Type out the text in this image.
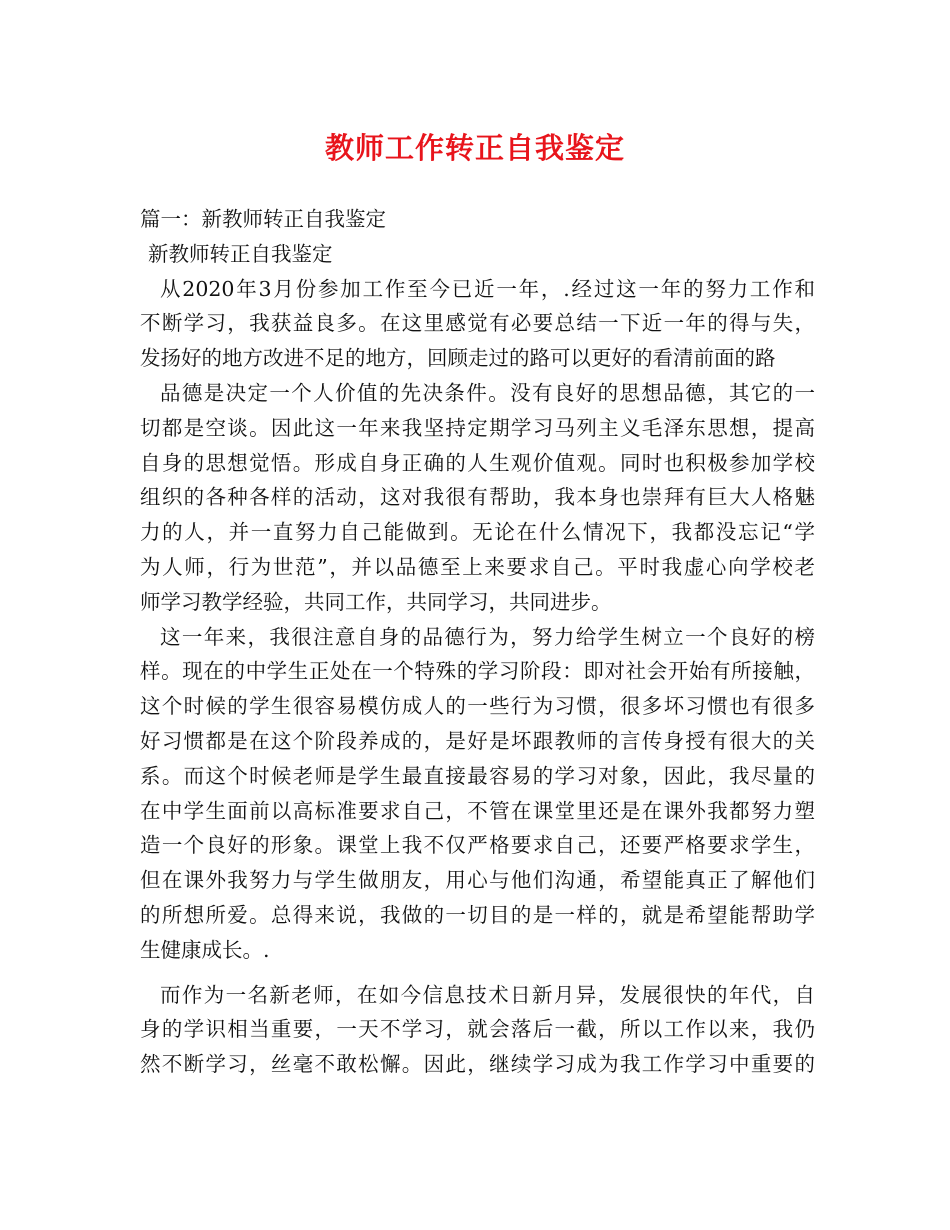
教师工作转正自我鉴定
篇一：新教师转正自我鉴定
新教师转正自我鉴定
从2020年3月份参加工作至今已近一年，.经过这一年的努力工作和
不断学习，我获益良多。在这里感觉有必要总结一下近一年的得与失，
发扬好的地方改进不足的地方，回顾走过的路可以更好的看清前面的路
品德是决定一个人价值的先决条件。没有良好的思想品德，其它的一
切都是空谈。因此这一年来我坚持定期学习马列主义毛泽东思想，提高
自身的思想觉悟。形成自身正确的人生观价值观。同时也积极参加学校
组织的各种各样的活动，这对我很有帮助，我本身也崇拜有巨大人格魅
力的人，并一直努力自己能做到。无论在什么情况下，我都没忘记“学
为人师，行为世范”，并以品德至上来要求自己。平时我虚心向学校老
师学习教学经验，共同工作，共同学习，共同进步。
这一年来，我很注意自身的品德行为，努力给学生树立一个良好的榜
样。现在的中学生正处在一个特殊的学习阶段：即对社会开始有所接触，
这个时候的学生很容易模仿成人的一些行为习惯，很多坏习惯也有很多
好习惯都是在这个阶段养成的，是好是坏跟教师的言传身授有很大的关
系。而这个时候老师是学生最直接最容易的学习对象，因此，我尽量的
在中学生面前以高标准要求自己，不管在课堂里还是在课外我都努力塑
造一个良好的形象。课堂上我不仅严格要求自己，还要严格要求学生，
但在课外我努力与学生做朋友，用心与他们沟通，希望能真正了解他们
的所想所爱。总得来说，我做的一切目的是一样的，就是希望能帮助学
生健康成长。.
而作为一名新老师，在如今信息技术日新月异，发展很快的年代，自
身的学识相当重要，一天不学习，就会落后一截，所以工作以来，我仍
然不断学习，丝毫不敢松懈。因此，继续学习成为我工作学习中重要的
